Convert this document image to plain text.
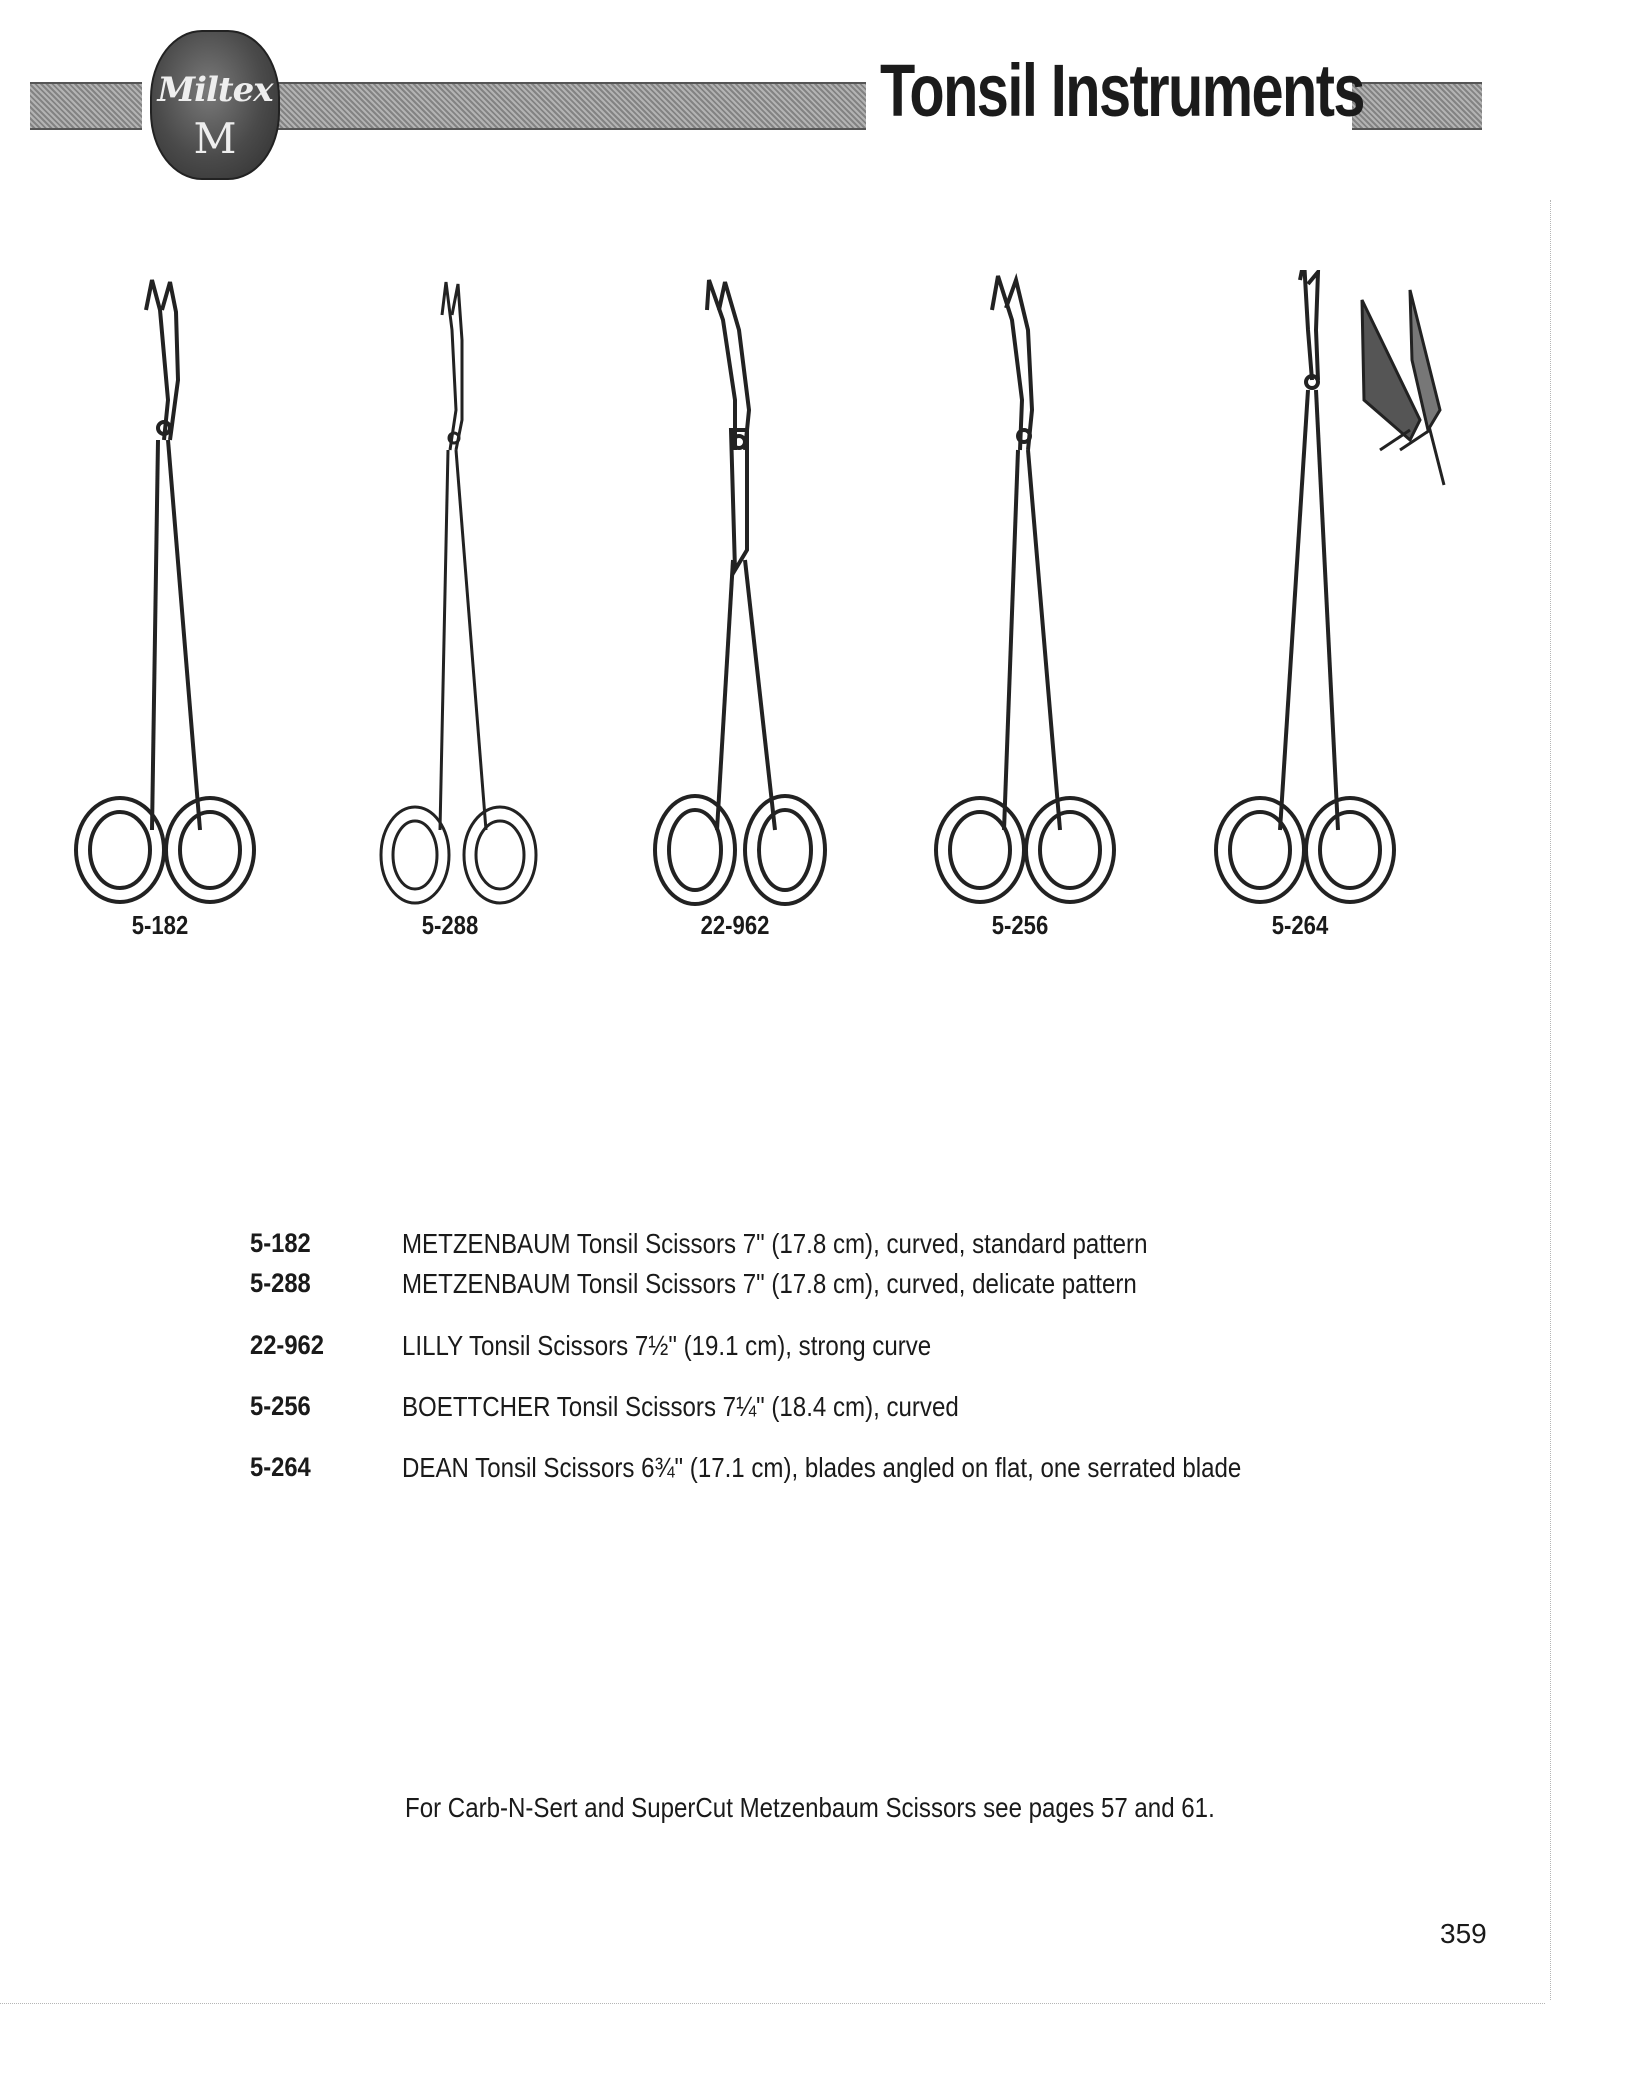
Miltex
M
Tonsil Instruments
5-182	5-288	22-962	5-256	5-264
5-182	METZENBAUM Tonsil Scissors 7" (17.8 cm), curved, standard pattern
5-288	METZENBAUM Tonsil Scissors 7" (17.8 cm), curved, delicate pattern
22-962	LILLY Tonsil Scissors 7½" (19.1 cm), strong curve
5-256	BOETTCHER Tonsil Scissors 7¼" (18.4 cm), curved
5-264	DEAN Tonsil Scissors 6¾" (17.1 cm), blades angled on flat, one serrated blade
For Carb-N-Sert and SuperCut Metzenbaum Scissors see pages 57 and 61.
359
